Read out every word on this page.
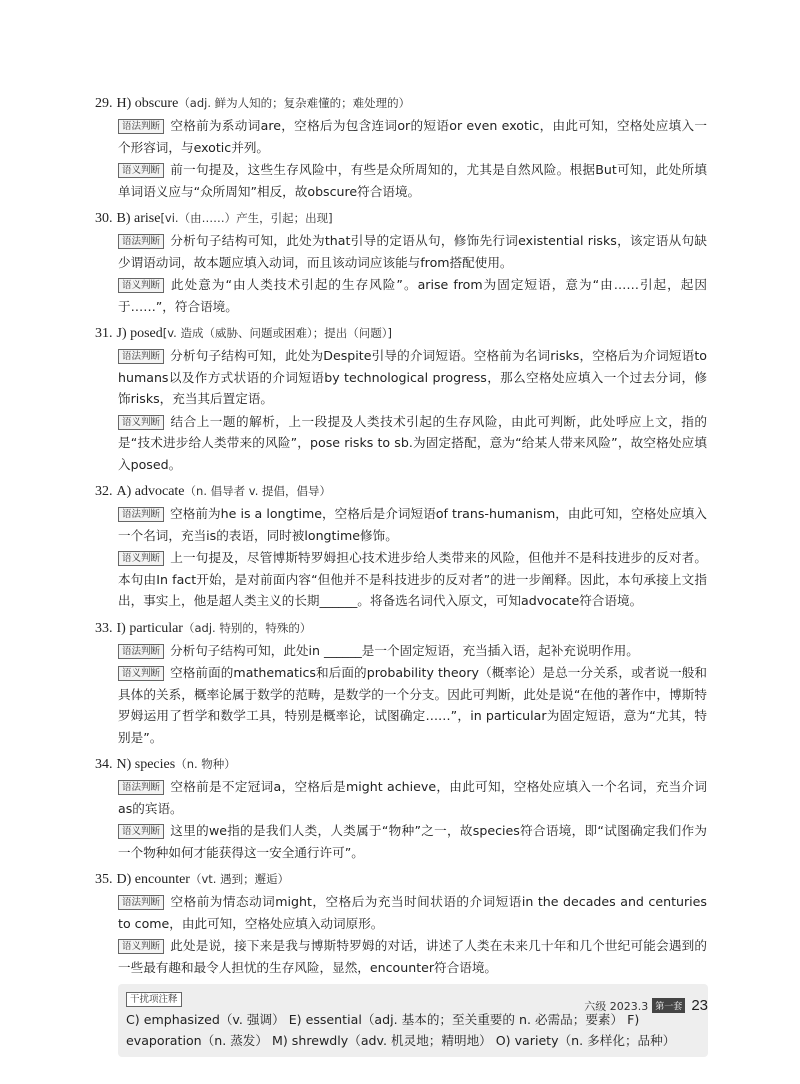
29. H) obscure（adj. 鲜为人知的；复杂难懂的；难处理的）
语法判断 空格前为系动词are，空格后为包含连词or的短语or even exotic，由此可知，空格处应填入一个形容词，与exotic并列。
语义判断 前一句提及，这些生存风险中，有些是众所周知的，尤其是自然风险。根据But可知，此处所填单词语义应与“众所周知”相反，故obscure符合语境。
30. B) arise[vi.（由……）产生，引起；出现]
语法判断 分析句子结构可知，此处为that引导的定语从句，修饰先行词existential risks，该定语从句缺少谓语动词，故本题应填入动词，而且该动词应该能与from搭配使用。
语义判断 此处意为“由人类技术引起的生存风险”。arise from为固定短语，意为“由……引起，起因于……”，符合语境。
31. J) posed[v. 造成（威胁、问题或困难）；提出（问题）]
语法判断 分析句子结构可知，此处为Despite引导的介词短语。空格前为名词risks，空格后为介词短语to humans以及作方式状语的介词短语by technological progress，那么空格处应填入一个过去分词，修饰risks，充当其后置定语。
语义判断 结合上一题的解析，上一段提及人类技术引起的生存风险，由此可判断，此处呼应上文，指的是“技术进步给人类带来的风险”，pose risks to sb.为固定搭配，意为“给某人带来风险”，故空格处应填入posed。
32. A) advocate（n. 倡导者 v. 提倡，倡导）
语法判断 空格前为he is a longtime，空格后是介词短语of trans-humanism，由此可知，空格处应填入一个名词，充当is的表语，同时被longtime修饰。
语义判断 上一句提及，尽管博斯特罗姆担心技术进步给人类带来的风险，但他并不是科技进步的反对者。本句由In fact开始，是对前面内容“但他并不是科技进步的反对者”的进一步阐释。因此，本句承接上文指出，事实上，他是超人类主义的长期______。将备选名词代入原文，可知advocate符合语境。
33. I) particular（adj. 特别的，特殊的）
语法判断 分析句子结构可知，此处in ______是一个固定短语，充当插入语，起补充说明作用。
语义判断 空格前面的mathematics和后面的probability theory（概率论）是总一分关系，或者说一般和具体的关系，概率论属于数学的范畴，是数学的一个分支。因此可判断，此处是说“在他的著作中，博斯特罗姆运用了哲学和数学工具，特别是概率论，试图确定……”，in particular为固定短语，意为“尤其，特别是”。
34. N) species（n. 物种）
语法判断 空格前是不定冠词a，空格后是might achieve，由此可知，空格处应填入一个名词，充当介词as的宾语。
语义判断 这里的we指的是我们人类，人类属于“物种”之一，故species符合语境，即“试图确定我们作为一个物种如何才能获得这一安全通行许可”。
35. D) encounter（vt. 遇到；邂逅）
语法判断 空格前为情态动词might，空格后为充当时间状语的介词短语in the decades and centuries to come，由此可知，空格处应填入动词原形。
语义判断 此处是说，接下来是我与博斯特罗姆的对话，讲述了人类在未来几十年和几个世纪可能会遇到的一些最有趣和最令人担忧的生存风险，显然，encounter符合语境。
干扰项注释
C) emphasized（v. 强调） E) essential（adj. 基本的；至关重要的 n. 必需品；要素） F) evaporation（n. 蒸发） M) shrewdly（adv. 机灵地；精明地） O) variety（n. 多样化；品种）
六级 2023.3 第一套 23
